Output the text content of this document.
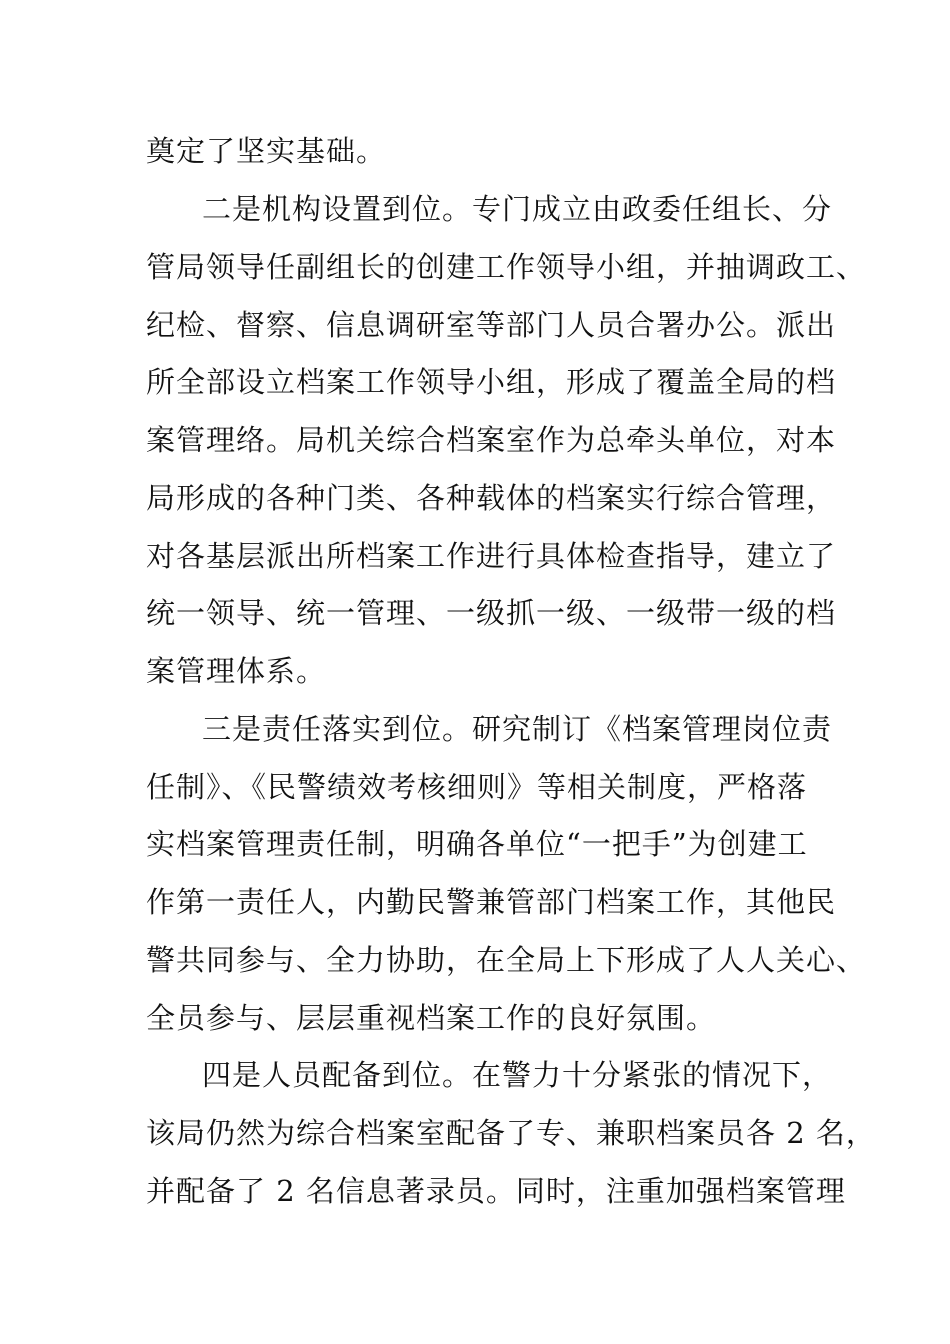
奠定了坚实基础。
二是机构设置到位。专门成立由政委任组长、分
管局领导任副组长的创建工作领导小组，并抽调政工、
纪检、督察、信息调研室等部门人员合署办公。派出
所全部设立档案工作领导小组，形成了覆盖全局的档
案管理络。局机关综合档案室作为总牵头单位，对本
局形成的各种门类、各种载体的档案实行综合管理，
对各基层派出所档案工作进行具体检查指导，建立了
统一领导、统一管理、一级抓一级、一级带一级的档
案管理体系。
三是责任落实到位。研究制订《档案管理岗位责
任制》、《民警绩效考核细则》等相关制度，严格落
实档案管理责任制，明确各单位“一把手”为创建工
作第一责任人，内勤民警兼管部门档案工作，其他民
警共同参与、全力协助，在全局上下形成了人人关心、
全员参与、层层重视档案工作的良好氛围。
四是人员配备到位。在警力十分紧张的情况下，
该局仍然为综合档案室配备了专、兼职档案员各 2 名，
并配备了 2 名信息著录员。同时，注重加强档案管理
